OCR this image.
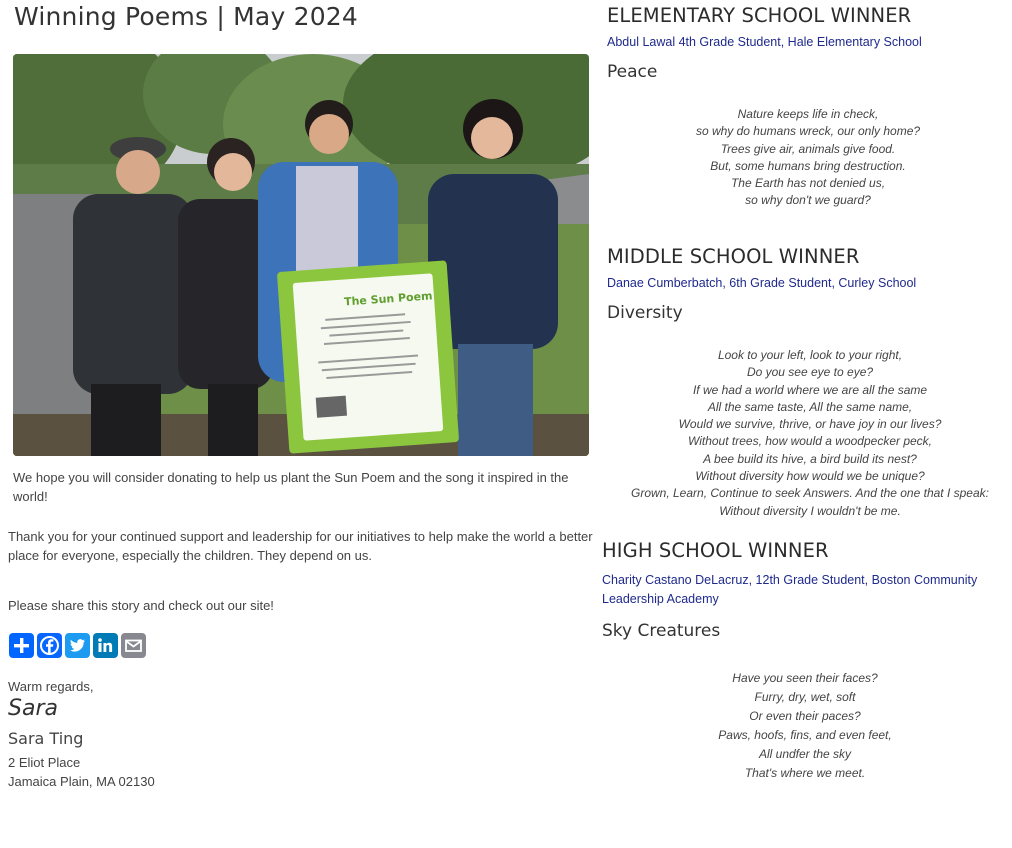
Winning Poems | May 2024
The Sun Poem
We hope you will consider donating to help us plant the Sun Poem and the song it inspired in the world!
Thank you for your continued support and leadership for our initiatives to help make the world a better place for everyone, especially the children. They depend on us.
Please share this story and check out our site!
Warm regards,
Sara
Sara Ting
2 Eliot Place
Jamaica Plain, MA 02130
ELEMENTARY SCHOOL WINNER
Abdul Lawal 4th Grade Student, Hale Elementary School
Peace
Nature keeps life in check,
so why do humans wreck, our only home?
Trees give air, animals give food.
But, some humans bring destruction.
The Earth has not denied us,
so why don't we guard?
MIDDLE SCHOOL WINNER
Danae Cumberbatch, 6th Grade Student, Curley School
Diversity
Look to your left, look to your right,
Do you see eye to eye?
If we had a world where we are all the same
All the same taste, All the same name,
Would we survive, thrive, or have joy in our lives?
Without trees, how would a woodpecker peck,
A bee build its hive, a bird build its nest?
Without diversity how would we be unique?
Grown, Learn, Continue to seek Answers. And the one that I speak:
Without diversity I wouldn't be me.
HIGH SCHOOL WINNER
Charity Castano DeLacruz, 12th Grade Student, Boston Community Leadership Academy
Sky Creatures
Have you seen their faces?
Furry, dry, wet, soft
Or even their paces?
Paws, hoofs, fins, and even feet,
All undfer the sky
That's where we meet.
